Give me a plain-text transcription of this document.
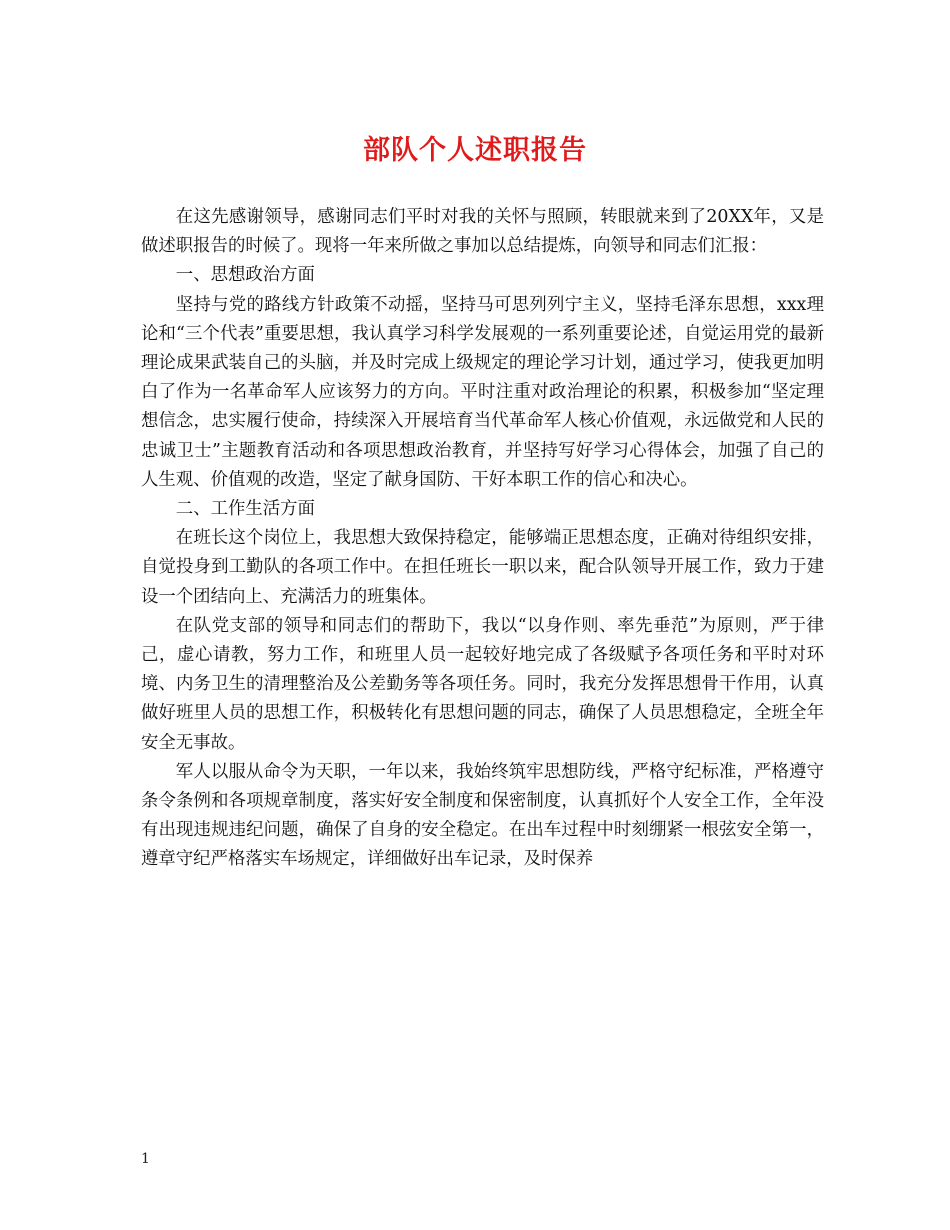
部队个人述职报告

在这先感谢领导，感谢同志们平时对我的关怀与照顾，转眼就来到了20XX年，又是做述职报告的时候了。现将一年来所做之事加以总结提炼，向领导和同志们汇报：

一、思想政治方面

坚持与党的路线方针政策不动摇，坚持马可思列列宁主义，坚持毛泽东思想，xxx理论和“三个代表”重要思想，我认真学习科学发展观的一系列重要论述，自觉运用党的最新理论成果武装自己的头脑，并及时完成上级规定的理论学习计划，通过学习，使我更加明白了作为一名革命军人应该努力的方向。平时注重对政治理论的积累，积极参加“坚定理想信念，忠实履行使命，持续深入开展培育当代革命军人核心价值观，永远做党和人民的忠诚卫士”主题教育活动和各项思想政治教育，并坚持写好学习心得体会，加强了自己的人生观、价值观的改造，坚定了献身国防、干好本职工作的信心和决心。

二、工作生活方面

在班长这个岗位上，我思想大致保持稳定，能够端正思想态度，正确对待组织安排，自觉投身到工勤队的各项工作中。在担任班长一职以来，配合队领导开展工作，致力于建设一个团结向上、充满活力的班集体。

在队党支部的领导和同志们的帮助下，我以“以身作则、率先垂范”为原则，严于律己，虚心请教，努力工作，和班里人员一起较好地完成了各级赋予各项任务和平时对环境、内务卫生的清理整治及公差勤务等各项任务。同时，我充分发挥思想骨干作用，认真做好班里人员的思想工作，积极转化有思想问题的同志，确保了人员思想稳定，全班全年安全无事故。

军人以服从命令为天职，一年以来，我始终筑牢思想防线，严格守纪标准，严格遵守条令条例和各项规章制度，落实好安全制度和保密制度，认真抓好个人安全工作，全年没有出现违规违纪问题，确保了自身的安全稳定。在出车过程中时刻绷紧一根弦安全第一，遵章守纪严格落实车场规定，详细做好出车记录，及时保养

1
